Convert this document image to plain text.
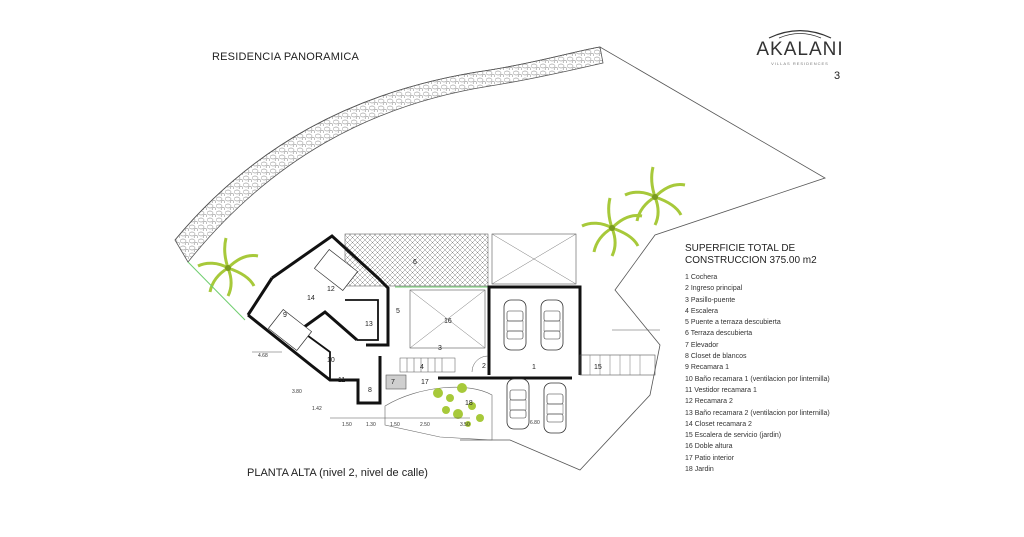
RESIDENCIA PANORAMICA	AKALANI
VILLAS RESIDENCES
3
1
2
3
4
5
6
7
8
9
10
11
12
13
14
15
16
17
18
4.68
3.80
1.42
1.50	1.30	1.50	2.50	3.50	6.80
SUPERFICIE TOTAL DE
CONSTRUCCION 375.00 m2
1 Cochera
2 Ingreso principal
3 Pasillo-puente
4 Escalera
5 Puente a terraza descubierta
6 Terraza descubierta
7 Elevador
8 Closet de blancos
9 Recamara 1
10 Baño recamara 1 (ventilacion por linternilla)
11 Vestidor recamara 1
12 Recamara 2
13 Baño recamara 2 (ventilacion por linternilla)
14 Closet recamara 2
15 Escalera de servicio (jardin)
16 Doble altura
17 Patio interior
18 Jardin
PLANTA ALTA (nivel 2, nivel de calle)
